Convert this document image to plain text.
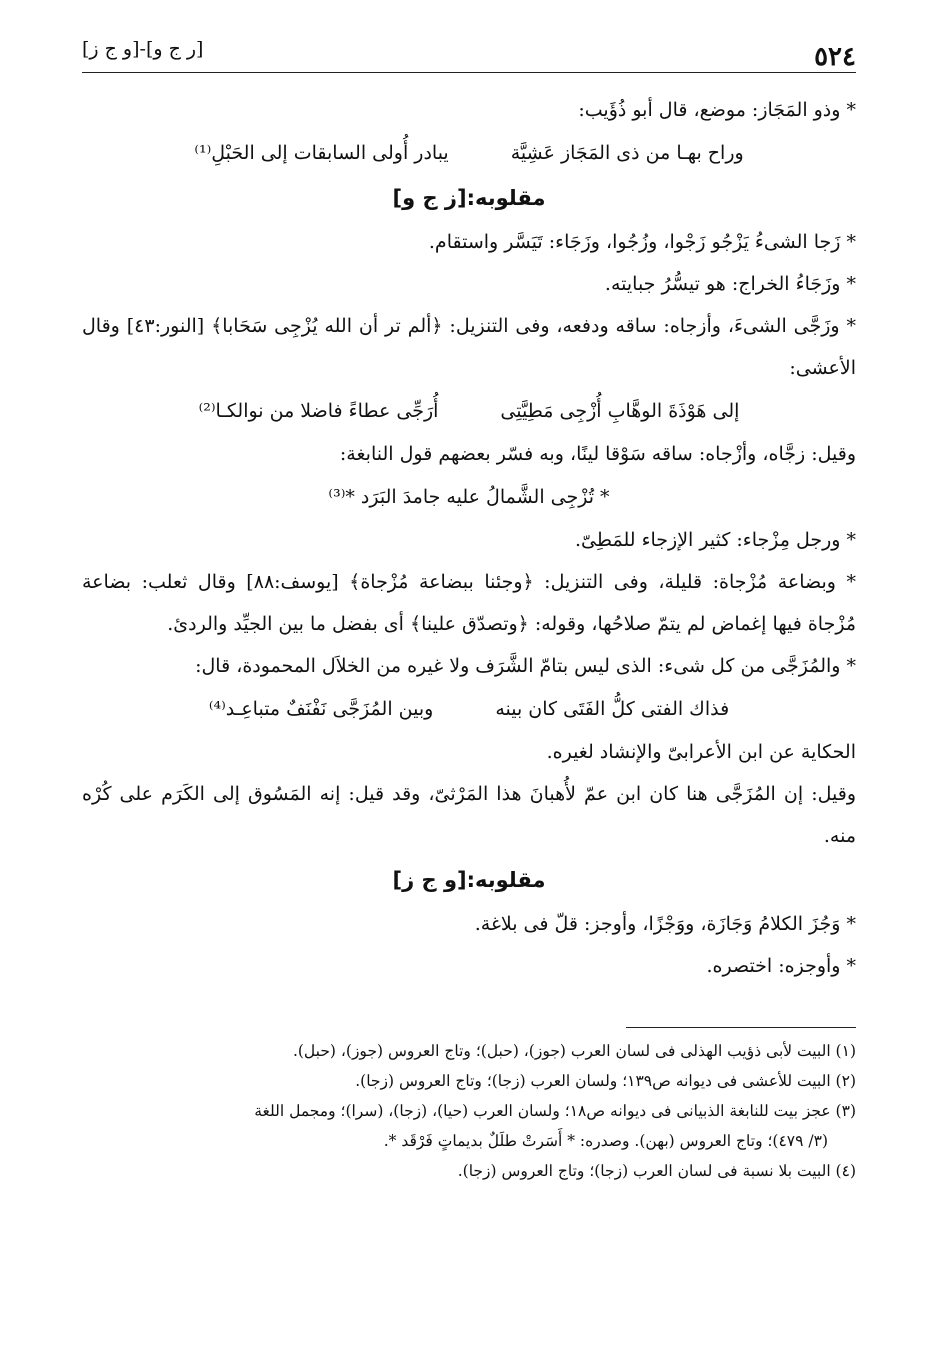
٥٢٤
[ر ج و]-[و ج ز]

* وذو المَجَاز: موضع، قال أبو ذُؤَيب:

وراح بهـا من ذى المَجَاز عَشِيَّة
يبادر أُولى السابقات إلى الحَبْلِ⁽¹⁾
مقلوبه:[ز ج و]

* زَجا الشىءُ يَزْجُو زَجْوا، وزُجُوا، وزَجَاء: تَيَسَّر واستقام.

* وزَجَاءُ الخراج: هو تيسُّرُ جبايته.

* وزَجَّى الشىءَ، وأزجاه: ساقه ودفعه، وفى التنزيل: ﴿ألم تر أن الله يُزْجِى سَحَابا﴾ [النور:٤٣] وقال الأعشى:

إلى هَوْذَةَ الوهَّابِ أُزْجِى مَطِيَّتِى
أُرَجِّى عطاءً فاضلا من نوالكـا⁽²⁾

وقيل: زجَّاه، وأزْجاه: ساقه سَوْقا لينًا، وبه فسّر بعضهم قول النابغة:

* تُزْجِى الشَّمالُ عليه جامدَ البَرَد *⁽³⁾

* ورجل مِزْجاء: كثير الإزجاء للمَطِىّ.

* وبضاعة مُزْجاة: قليلة، وفى التنزيل: ﴿وجئنا ببضاعة مُزْجاة﴾ [يوسف:٨٨] وقال ثعلب: بضاعة مُزْجاة فيها إغماض لم يتمّ صلاحُها، وقوله: ﴿وتصدّق علينا﴾ أى بفضل ما بين الجيِّد والردئ.

* والمُزَجَّى من كل شىء: الذى ليس بتامّ الشَّرَف ولا غيره من الخلاَل المحمودة، قال:

فذاك الفتى كلُّ الفَتَى كان بينه
وبين المُزَجَّى نَفْنَفٌ متباعِـد⁽⁴⁾

الحكاية عن ابن الأعرابىّ والإنشاد لغيره.

وقيل: إن المُزَجَّى هنا كان ابن عمّ لأُهبانَ هذا المَرْثىّ، وقد قيل: إنه المَسُوق إلى الكَرَم على كُرْه منه.

مقلوبه:[و ج ز]

* وَجُزَ الكلامُ وَجَازَة، ووَجْزًا، وأوجز: قلّ فى بلاغة.

* وأوجزه: اختصره.

(١) البيت لأبى ذؤيب الهذلى فى لسان العرب (جوز)، (حبل)؛ وتاج العروس (جوز)، (حبل).

(٢) البيت للأعشى فى ديوانه ص١٣٩؛ ولسان العرب (زجا)؛ وتاج العروس (زجا).

(٣) عجز بيت للنابغة الذبيانى فى ديوانه ص١٨؛ ولسان العرب (حيا)، (زجا)، (سرا)؛ ومجمل اللغة

(٣/ ٤٧٩)؛ وتاج العروس (بهن). وصدره: * أَسَرتْ طلَلٌ بديماتٍ فَرْقَد *.

(٤) البيت بلا نسبة فى لسان العرب (زجا)؛ وتاج العروس (زجا).
